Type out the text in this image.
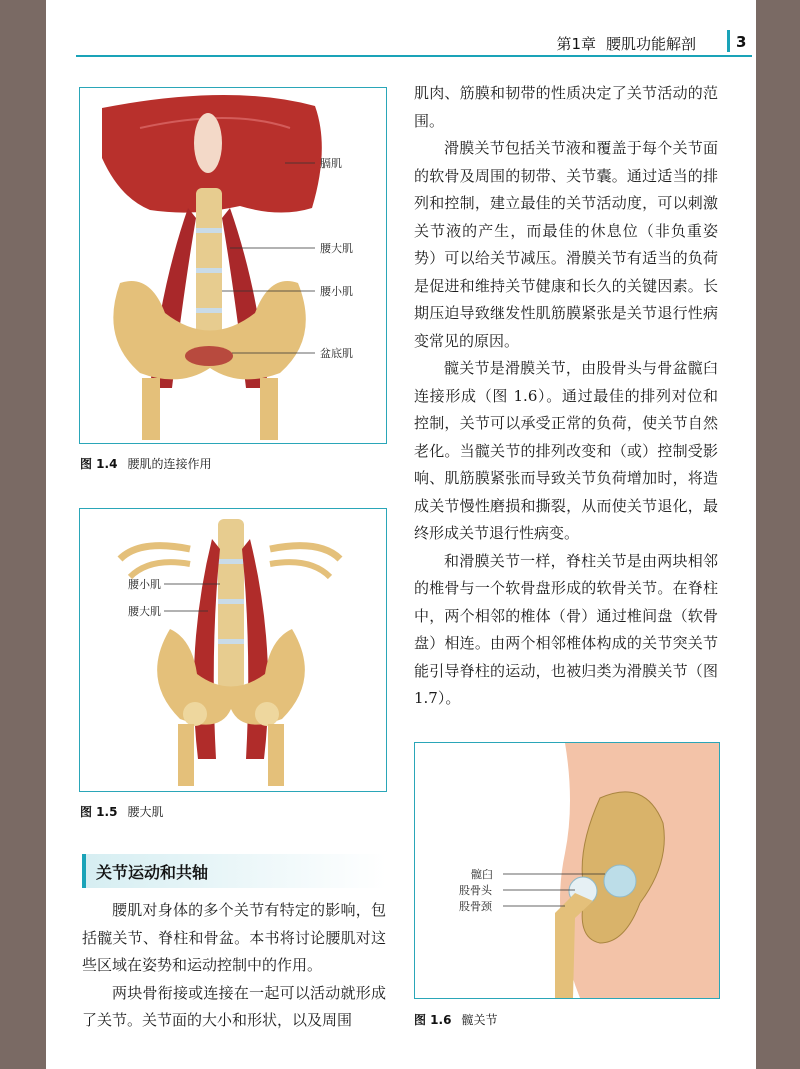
第1章 腰肌功能解剖	3
膈肌
腰大肌
腰小肌
盆底肌
图 1.4 腰肌的连接作用
腰小肌
腰大肌
图 1.5 腰大肌
关节运动和共轴

腰肌对身体的多个关节有特定的影响，包括髋关节、脊柱和骨盆。本书将讨论腰肌对这些区域在姿势和运动控制中的作用。

两块骨衔接或连接在一起可以活动就形成了关节。关节面的大小和形状，以及周围

肌肉、筋膜和韧带的性质决定了关节活动的范围。

滑膜关节包括关节液和覆盖于每个关节面的软骨及周围的韧带、关节囊。通过适当的排列和控制，建立最佳的关节活动度，可以刺激关节液的产生，而最佳的休息位（非负重姿势）可以给关节减压。滑膜关节有适当的负荷是促进和维持关节健康和长久的关键因素。长期压迫导致继发性肌筋膜紧张是关节退行性病变常见的原因。

髋关节是滑膜关节，由股骨头与骨盆髋臼连接形成（图 1.6）。通过最佳的排列对位和控制，关节可以承受正常的负荷，使关节自然老化。当髋关节的排列改变和（或）控制受影响、肌筋膜紧张而导致关节负荷增加时，将造成关节慢性磨损和撕裂，从而使关节退化，最终形成关节退行性病变。

和滑膜关节一样，脊柱关节是由两块相邻的椎骨与一个软骨盘形成的软骨关节。在脊柱中，两个相邻的椎体（骨）通过椎间盘（软骨盘）相连。由两个相邻椎体构成的关节突关节能引导脊柱的运动，也被归类为滑膜关节（图 1.7）。

髋臼
股骨头
股骨颈
图 1.6 髋关节
